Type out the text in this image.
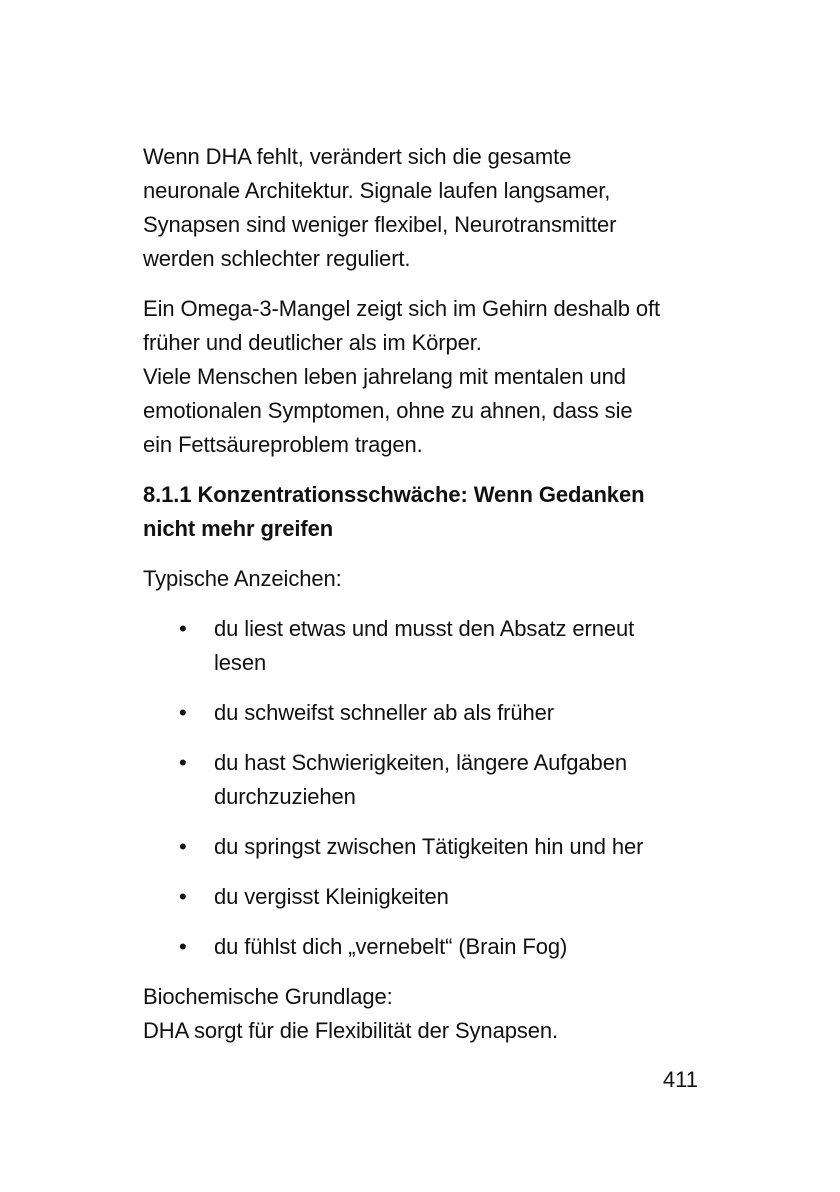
Wenn DHA fehlt, verändert sich die gesamte
neuronale Architektur. Signale laufen langsamer,
Synapsen sind weniger flexibel, Neurotransmitter
werden schlechter reguliert.

Ein Omega-3-Mangel zeigt sich im Gehirn deshalb oft
früher und deutlicher als im Körper.
Viele Menschen leben jahrelang mit mentalen und
emotionalen Symptomen, ohne zu ahnen, dass sie
ein Fettsäureproblem tragen.

8.1.1 Konzentrationsschwäche: Wenn Gedanken
nicht mehr greifen

Typische Anzeichen:

• du liest etwas und musst den Absatz erneut
lesen
• du schweifst schneller ab als früher
• du hast Schwierigkeiten, längere Aufgaben
durchzuziehen
• du springst zwischen Tätigkeiten hin und her
• du vergisst Kleinigkeiten
• du fühlst dich „vernebelt“ (Brain Fog)

Biochemische Grundlage:
DHA sorgt für die Flexibilität der Synapsen.

411
